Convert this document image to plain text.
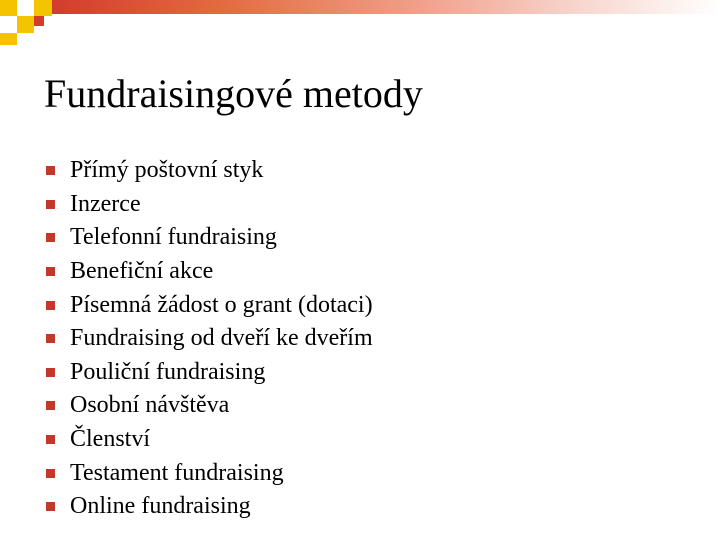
Fundraisingové metody
Přímý poštovní styk
Inzerce
Telefonní fundraising
Benefiční akce
Písemná žádost o grant (dotaci)
Fundraising od dveří ke dveřím
Pouliční fundraising
Osobní návštěva
Členství
Testament fundraising
Online fundraising
